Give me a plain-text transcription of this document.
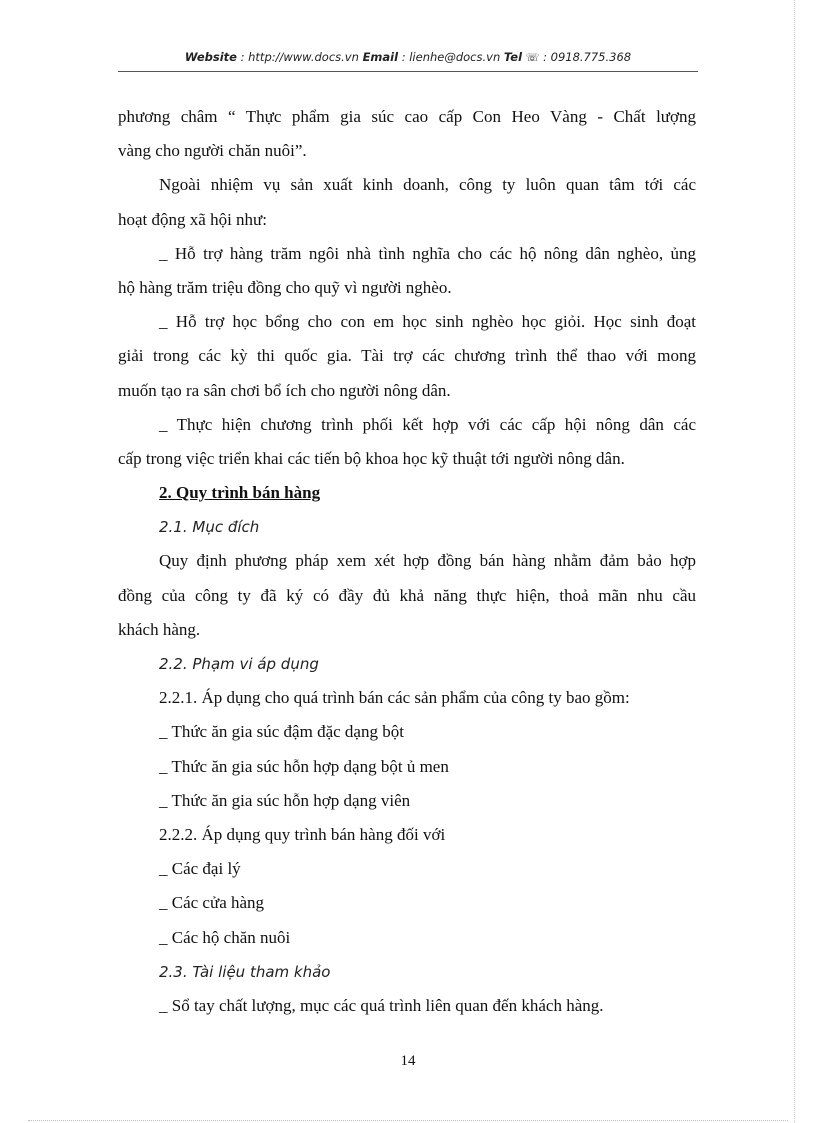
Website : http://www.docs.vn Email : lienhe@docs.vn Tel ☏ : 0918.775.368
phương châm “ Thực phẩm gia súc cao cấp Con Heo Vàng - Chất lượng
vàng cho người chăn nuôi”.
Ngoài nhiệm vụ sản xuất kinh doanh, công ty luôn quan tâm tới các
hoạt động xã hội như:
_ Hỗ trợ hàng trăm ngôi nhà tình nghĩa cho các hộ nông dân nghèo, ủng
hộ hàng trăm triệu đồng cho quỹ vì người nghèo.
_ Hỗ trợ học bổng cho con em học sinh nghèo học giỏi. Học sinh đoạt
giải trong các kỳ thi quốc gia. Tài trợ các chương trình thể thao với mong
muốn tạo ra sân chơi bổ ích cho người nông dân.
_ Thực hiện chương trình phối kết hợp với các cấp hội nông dân các
cấp trong việc triển khai các tiến bộ khoa học kỹ thuật tới người nông dân.
2. Quy trình bán hàng
2.1. Mục đích
Quy định phương pháp xem xét hợp đồng bán hàng nhằm đảm bảo hợp
đồng của công ty đã ký có đầy đủ khả năng thực hiện, thoả mãn nhu cầu
khách hàng.
2.2. Phạm vi áp dụng
2.2.1. Áp dụng cho quá trình bán các sản phẩm của công ty bao gồm:
_ Thức ăn gia súc đậm đặc dạng bột
_ Thức ăn gia súc hỗn hợp dạng bột ủ men
_ Thức ăn gia súc hỗn hợp dạng viên
2.2.2. Áp dụng quy trình bán hàng đối với
_ Các đại lý
_ Các cửa hàng
_ Các hộ chăn nuôi
2.3. Tài liệu tham khảo
_ Sổ tay chất lượng, mục các quá trình liên quan đến khách hàng.
14
